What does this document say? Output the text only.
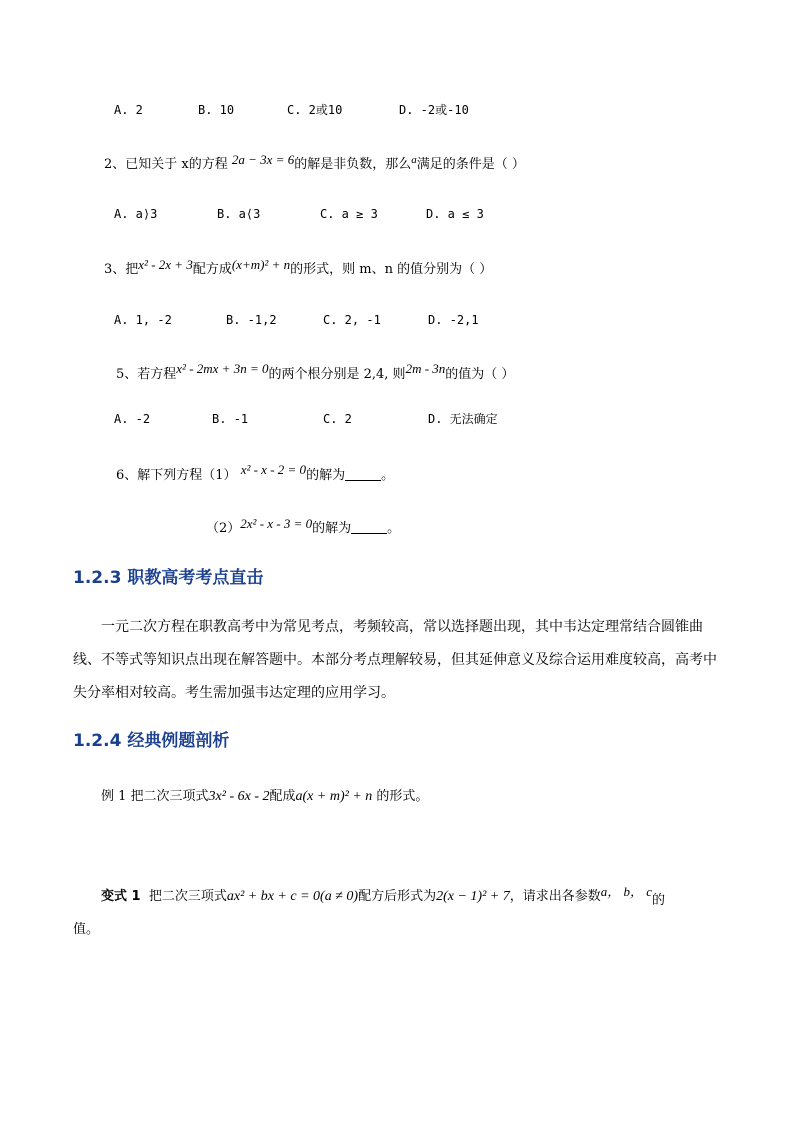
A. 2	B. 10	C. 2或10	D. -2或-10
2、已知关于 x的方程 2a − 3x = 6的解是非负数，那么$^a$满足的条件是（ ）
A. a⟩3	B. a⟨3	C. a ≥ 3	D. a ≤ 3
3、把x² - 2x + 3配方成(x+m)² + n的形式，则 m、n 的值分别为（ ）
A. 1, -2	B. -1,2	C. 2, -1	D. -2,1
5、若方程x² - 2mx + 3n = 0的两个根分别是 2,4, 则2m - 3n的值为（ ）
A. -2	B. -1	C. 2	D. 无法确定
6、解下列方程（1） x² - x - 2 = 0的解为	。
（2）2x² - x - 3 = 0的解为	。
1.2.3 职教高考考点直击
一元二次方程在职教高考中为常见考点，考频较高，常以选择题出现，其中韦达定理常结合圆锥曲线、不等式等知识点出现在解答题中。本部分考点理解较易，但其延伸意义及综合运用难度较高，高考中失分率相对较高。考生需加强韦达定理的应用学习。
1.2.4 经典例题剖析
例 1 把二次三项式3x² - 6x - 2配成a(x + m)² + n 的形式。
变式 1 把二次三项式ax² + bx + c = 0(a ≠ 0)配方后形式为2(x − 1)² + 7，请求出各参数a， b， c的
值。
